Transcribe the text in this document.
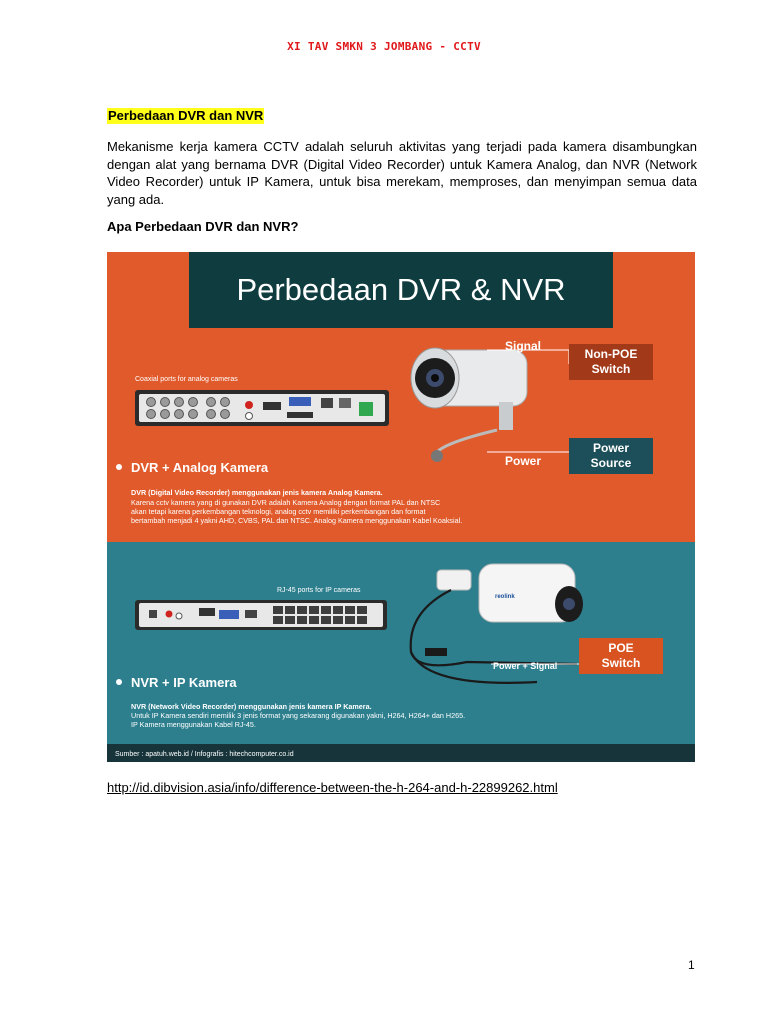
XI TAV SMKN 3 JOMBANG - CCTV
Perbedaan DVR dan NVR
Mekanisme kerja kamera CCTV adalah seluruh aktivitas yang terjadi pada kamera disambungkan dengan alat yang bernama DVR (Digital Video Recorder) untuk Kamera Analog, dan NVR (Network Video Recorder) untuk IP Kamera, untuk bisa merekam, memproses, dan menyimpan semua data yang ada.
Apa Perbedaan DVR dan NVR?
Perbedaan DVR & NVR
Coaxial ports for analog cameras
Signal
Power
Non-POE
Switch
Power
Source
DVR + Analog Kamera
DVR (Digital Video Recorder) menggunakan jenis kamera Analog Kamera.
Karena cctv kamera yang di gunakan DVR adalah Kamera Analog dengan format PAL dan NTSC
akan tetapi karena perkembangan teknologi, analog cctv memiliki perkembangan dan format
bertambah menjadi 4 yakni AHD, CVBS, PAL dan NTSC. Analog Kamera menggunakan Kabel Koaksial.
RJ-45 ports for IP cameras
reolink
Power + Signal
POE
Switch
NVR + IP Kamera
NVR (Network Video Recorder) menggunakan jenis kamera IP Kamera.
Untuk IP Kamera sendiri memilik 3 jenis format yang sekarang digunakan yakni, H264, H264+ dan H265.
IP Kamera menggunakan Kabel RJ-45.
Sumber : apatuh.web.id / Infografis : hitechcomputer.co.id
http://id.dibvision.asia/info/difference-between-the-h-264-and-h-22899262.html
1
